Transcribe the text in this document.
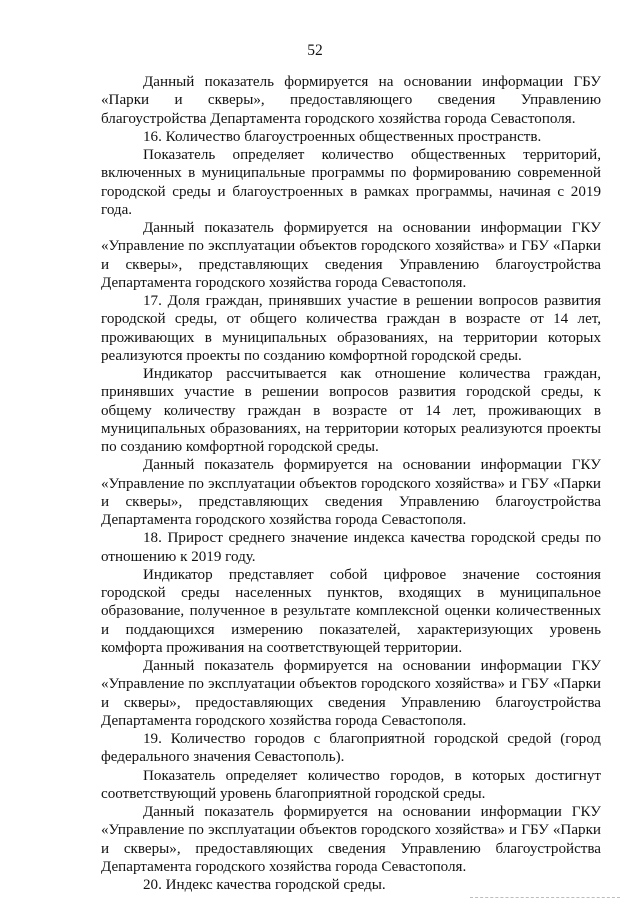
52

Данный показатель формируется на основании информации ГБУ «Парки и скверы», предоставляющего сведения Управлению благоустройства Департамента городского хозяйства города Севастополя.

16. Количество благоустроенных общественных пространств.

Показатель определяет количество общественных территорий, включенных в муниципальные программы по формированию современной городской среды и благоустроенных в рамках программы, начиная с 2019 года.

Данный показатель формируется на основании информации ГКУ «Управление по эксплуатации объектов городского хозяйства» и ГБУ «Парки и скверы», представляющих сведения Управлению благоустройства Департамента городского хозяйства города Севастополя.

17. Доля граждан, принявших участие в решении вопросов развития городской среды, от общего количества граждан в возрасте от 14 лет, проживающих в муниципальных образованиях, на территории которых реализуются проекты по созданию комфортной городской среды.

Индикатор рассчитывается как отношение количества граждан, принявших участие в решении вопросов развития городской среды, к общему количеству граждан в возрасте от 14 лет, проживающих в муниципальных образованиях, на территории которых реализуются проекты по созданию комфортной городской среды.

Данный показатель формируется на основании информации ГКУ «Управление по эксплуатации объектов городского хозяйства» и ГБУ «Парки и скверы», представляющих сведения Управлению благоустройства Департамента городского хозяйства города Севастополя.

18. Прирост среднего значение индекса качества городской среды по отношению к 2019 году.

Индикатор представляет собой цифровое значение состояния городской среды населенных пунктов, входящих в муниципальное образование, полученное в результате комплексной оценки количественных и поддающихся измерению показателей, характеризующих уровень комфорта проживания на соответствующей территории.

Данный показатель формируется на основании информации ГКУ «Управление по эксплуатации объектов городского хозяйства» и ГБУ «Парки и скверы», предоставляющих сведения Управлению благоустройства Департамента городского хозяйства города Севастополя.

19. Количество городов с благоприятной городской средой (город федерального значения Севастополь).

Показатель определяет количество городов, в которых достигнут соответствующий уровень благоприятной городской среды.

Данный показатель формируется на основании информации ГКУ «Управление по эксплуатации объектов городского хозяйства» и ГБУ «Парки и скверы», предоставляющих сведения Управлению благоустройства Департамента городского хозяйства города Севастополя.

20. Индекс качества городской среды.
